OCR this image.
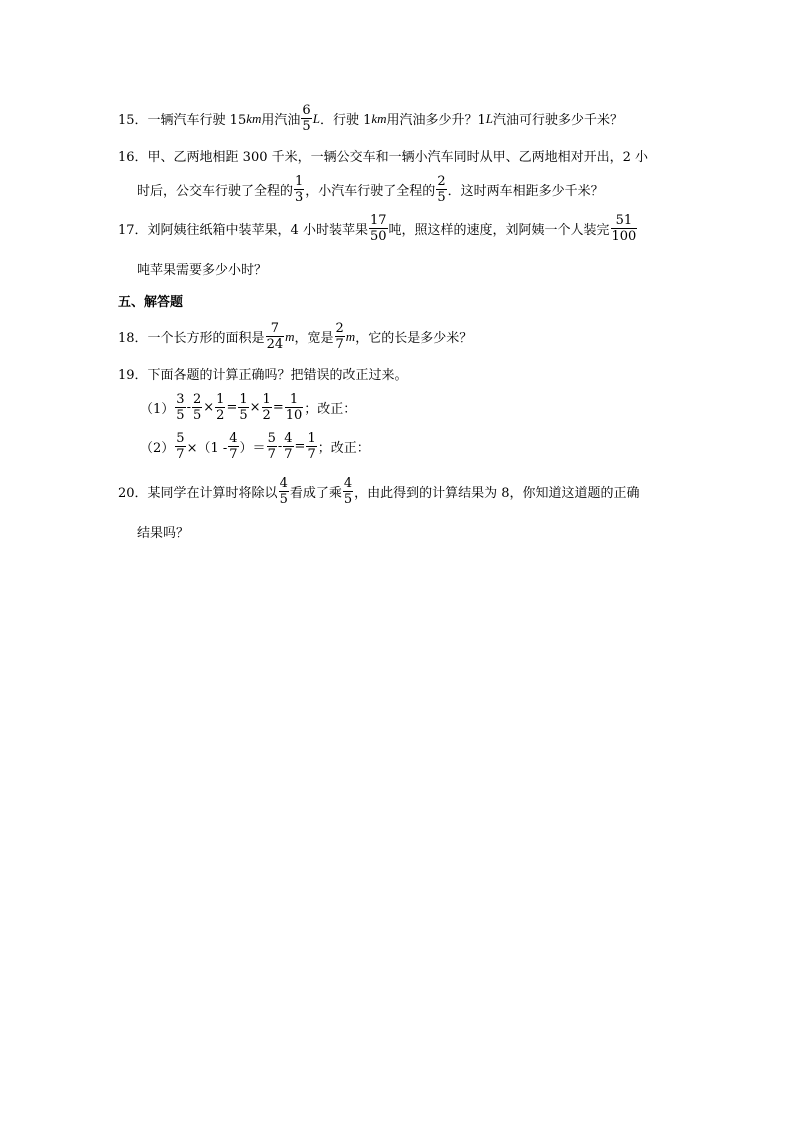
15． 一辆汽车行驶 15 km 用汽油 $\frac{6}{5}$ L ．行驶 1 km 用汽油多少升？1 L 汽油可行驶多少千米？
16． 甲、乙两地相距 300 千米，一辆公交车和一辆小汽车同时从甲、乙两地相对开出，2 小
时后，公交车行驶了全程的 $\frac{1}{3}$ ，小汽车行驶了全程的 $\frac{2}{5}$ ．这时两车相距多少千米？
17． 刘阿姨往纸箱中装苹果，4 小时装苹果 $\frac{17}{50}$ 吨，照这样的速度，刘阿姨一个人装完 $\frac{51}{100}$
吨苹果需要多少小时？
五、解答题
18． 一个长方形的面积是 $\frac{7}{24}$ m ，宽是 $\frac{2}{7}$ m ，它的长是多少米？
19． 下面各题的计算正确吗？把错误的改正过来。
$(1) \frac{3}{5} - \frac{2}{5} \times \frac{1}{2} = \frac{1}{5} \times \frac{1}{2} = \frac{1}{10}$ ；改正：
$(2) \frac{5}{7} \times(1 - \frac{4}{7}$ ）＝ $\frac{5}{7} - \frac{4}{7} = \frac{1}{7}$ ；改正：
20． 某同学在计算时将除以 $\frac{4}{5}$ 看成了乘 $\frac{4}{5}$ ，由此得到的计算结果为 8，你知道这道题的正确
结果吗？
